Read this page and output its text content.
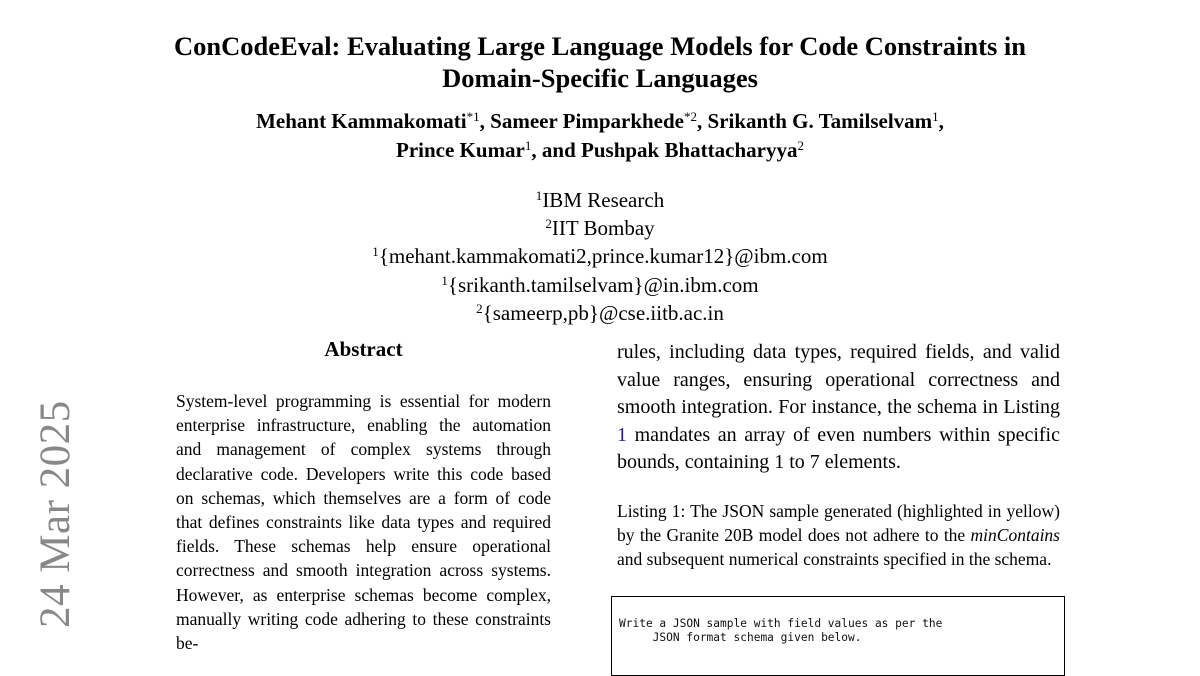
24 Mar 2025
ConCodeEval: Evaluating Large Language Models for Code Constraints in
Domain-Specific Languages
Mehant Kammakomati$^{*1}$, Sameer Pimparkhede$^{*2}$, Srikanth G. Tamilselvam$^1$,
Prince Kumar$^1$, and Pushpak Bhattacharyya$^2$
$^1$IBM Research
$^2$IIT Bombay
$^1${mehant.kammakomati2,prince.kumar12}@ibm.com
$^1${srikanth.tamilselvam}@in.ibm.com
$^2${sameerp,pb}@cse.iitb.ac.in
Abstract
System-level programming is essential for modern enterprise infrastructure, enabling the automation and management of complex systems through declarative code. Developers write this code based on schemas, which themselves are a form of code that defines constraints like data types and required fields. These schemas help ensure operational correctness and smooth integration across systems. However, as enterprise schemas become complex, manually writing code adhering to these constraints be-
rules, including data types, required fields, and valid value ranges, ensuring operational correctness and smooth integration. For instance, the schema in Listing 1 mandates an array of even numbers within specific bounds, containing 1 to 7 elements.
Listing 1: The JSON sample generated (highlighted in yellow) by the Granite 20B model does not adhere to the minContains and subsequent numerical constraints specified in the schema.
Write a JSON sample with field values as per the
JSON format schema given below.
